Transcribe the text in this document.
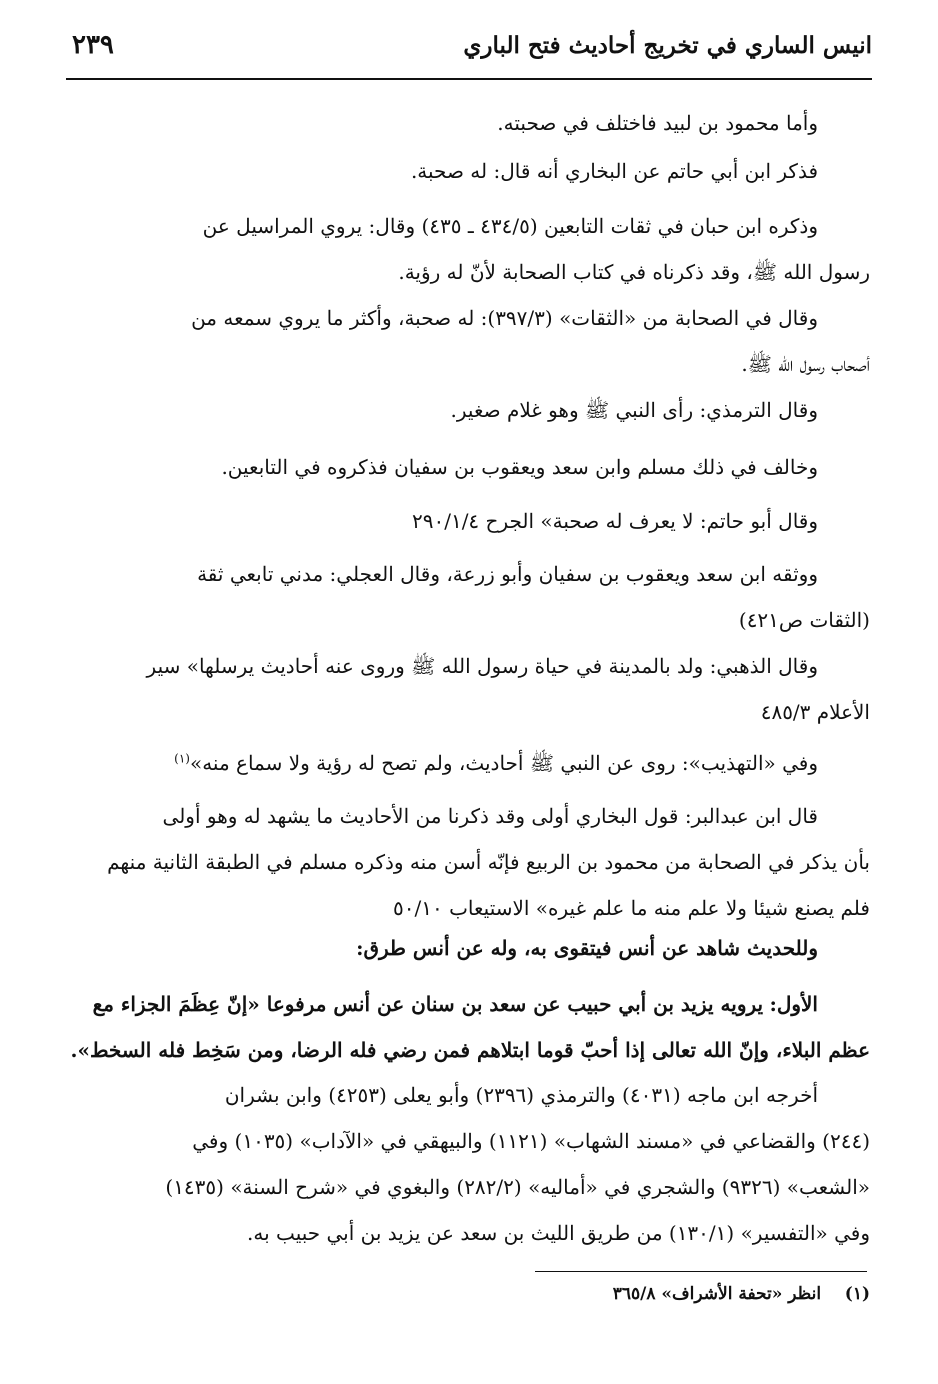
انيس الساري في تخريج أحاديث فتح الباري
٢٣٩

وأما محمود بن لبيد فاختلف في صحبته.

فذكر ابن أبي حاتم عن البخاري أنه قال: له صحبة.

وذكره ابن حبان في ثقات التابعين (٤٣٤/٥ ـ ٤٣٥) وقال: يروي المراسيل عن
رسول الله ﷺ، وقد ذكرناه في كتاب الصحابة لأنّ له رؤية.

وقال في الصحابة من «الثقات» (٣٩٧/٣): له صحبة، وأكثر ما يروي سمعه من
أصحاب رسول الله ﷺ.

وقال الترمذي: رأى النبي ﷺ وهو غلام صغير.

وخالف في ذلك مسلم وابن سعد ويعقوب بن سفيان فذكروه في التابعين.

وقال أبو حاتم: لا يعرف له صحبة» الجرح ٢٩٠/١/٤

ووثقه ابن سعد ويعقوب بن سفيان وأبو زرعة، وقال العجلي: مدني تابعي ثقة
(الثقات ص٤٢١)

وقال الذهبي: ولد بالمدينة في حياة رسول الله ﷺ وروى عنه أحاديث يرسلها» سير
الأعلام ٤٨٥/٣

وفي «التهذيب»: روى عن النبي ﷺ أحاديث، ولم تصح له رؤية ولا سماع منه»$^{(١)}$

قال ابن عبدالبر: قول البخاري أولى وقد ذكرنا من الأحاديث ما يشهد له وهو أولى
بأن يذكر في الصحابة من محمود بن الربيع فإنّه أسن منه وذكره مسلم في الطبقة الثانية منهم
فلم يصنع شيئا ولا علم منه ما علم غيره» الاستيعاب ٥٠/١٠

وللحديث شاهد عن أنس فيتقوى به، وله عن أنس طرق:

الأول: يرويه يزيد بن أبي حبيب عن سعد بن سنان عن أنس مرفوعا «إنّ عِظَمَ الجزاء مع
عظم البلاء، وإنّ الله تعالى إذا أحبّ قوما ابتلاهم فمن رضي فله الرضا، ومن سَخِط فله السخط».

أخرجه ابن ماجه (٤٠٣١) والترمذي (٢٣٩٦) وأبو يعلى (٤٢٥٣) وابن بشران
(٢٤٤) والقضاعي في «مسند الشهاب» (١١٢١) والبيهقي في «الآداب» (١٠٣٥) وفي
«الشعب» (٩٣٢٦) والشجري في «أماليه» (٢٨٢/٢) والبغوي في «شرح السنة» (١٤٣٥)
وفي «التفسير» (١٣٠/١) من طريق الليث بن سعد عن يزيد بن أبي حبيب به.

(١)    انظر «تحفة الأشراف» ٣٦٥/٨
